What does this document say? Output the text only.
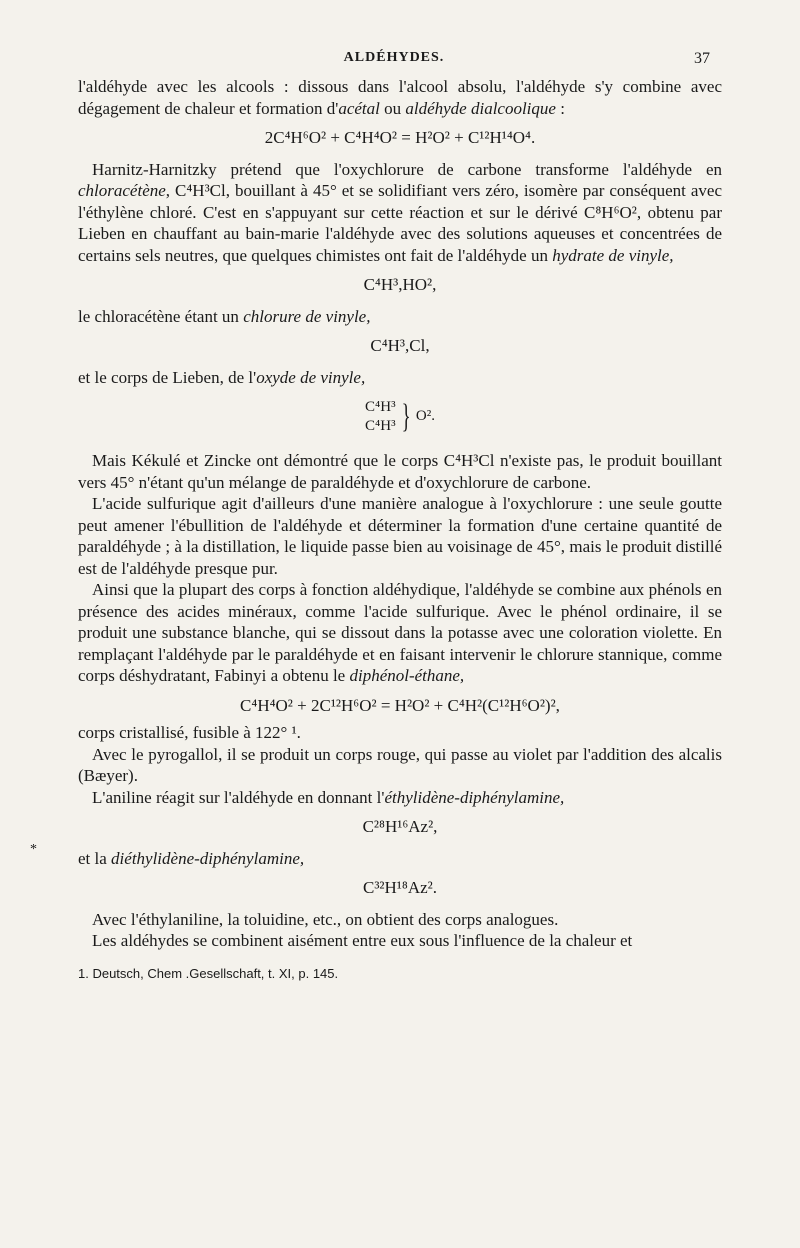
ALDÉHYDES.	37
*

l'aldéhyde avec les alcools : dissous dans l'alcool absolu, l'aldéhyde s'y combine avec dégagement de chaleur et formation d'acétal ou aldéhyde dialcoolique :

2C⁴H⁶O² + C⁴H⁴O² = H²O² + C¹²H¹⁴O⁴.

Harnitz-Harnitzky prétend que l'oxychlorure de carbone transforme l'aldéhyde en chloracétène, C⁴H³Cl, bouillant à 45° et se solidifiant vers zéro, isomère par conséquent avec l'éthylène chloré. C'est en s'appuyant sur cette réaction et sur le dérivé C⁸H⁶O², obtenu par Lieben en chauffant au bain-marie l'aldéhyde avec des solutions aqueuses et concentrées de certains sels neutres, que quelques chimistes ont fait de l'aldéhyde un hydrate de vinyle,

C⁴H³,HO²,

le chloracétène étant un chlorure de vinyle,

C⁴H³,Cl,

et le corps de Lieben, de l'oxyde de vinyle,

C⁴H³
C⁴H³ } O².

Mais Kékulé et Zincke ont démontré que le corps C⁴H³Cl n'existe pas, le produit bouillant vers 45° n'étant qu'un mélange de paraldéhyde et d'oxychlorure de carbone.

L'acide sulfurique agit d'ailleurs d'une manière analogue à l'oxychlorure : une seule goutte peut amener l'ébullition de l'aldéhyde et déterminer la formation d'une certaine quantité de paraldéhyde ; à la distillation, le liquide passe bien au voisinage de 45°, mais le produit distillé est de l'aldéhyde presque pur.

Ainsi que la plupart des corps à fonction aldéhydique, l'aldéhyde se combine aux phénols en présence des acides minéraux, comme l'acide sulfurique. Avec le phénol ordinaire, il se produit une substance blanche, qui se dissout dans la potasse avec une coloration violette. En remplaçant l'aldéhyde par le paraldéhyde et en faisant intervenir le chlorure stannique, comme corps déshydratant, Fabinyi a obtenu le diphénol-éthane,

C⁴H⁴O² + 2C¹²H⁶O² = H²O² + C⁴H²(C¹²H⁶O²)²,

corps cristallisé, fusible à 122° ¹.

Avec le pyrogallol, il se produit un corps rouge, qui passe au violet par l'addition des alcalis (Bæyer).

L'aniline réagit sur l'aldéhyde en donnant l'éthylidène-diphénylamine,

C²⁸H¹⁶Az²,

et la diéthylidène-diphénylamine,

C³²H¹⁸Az².

Avec l'éthylaniline, la toluidine, etc., on obtient des corps analogues.

Les aldéhydes se combinent aisément entre eux sous l'influence de la chaleur et

1. Deutsch, Chem .Gesellschaft, t. XI, p. 145.
